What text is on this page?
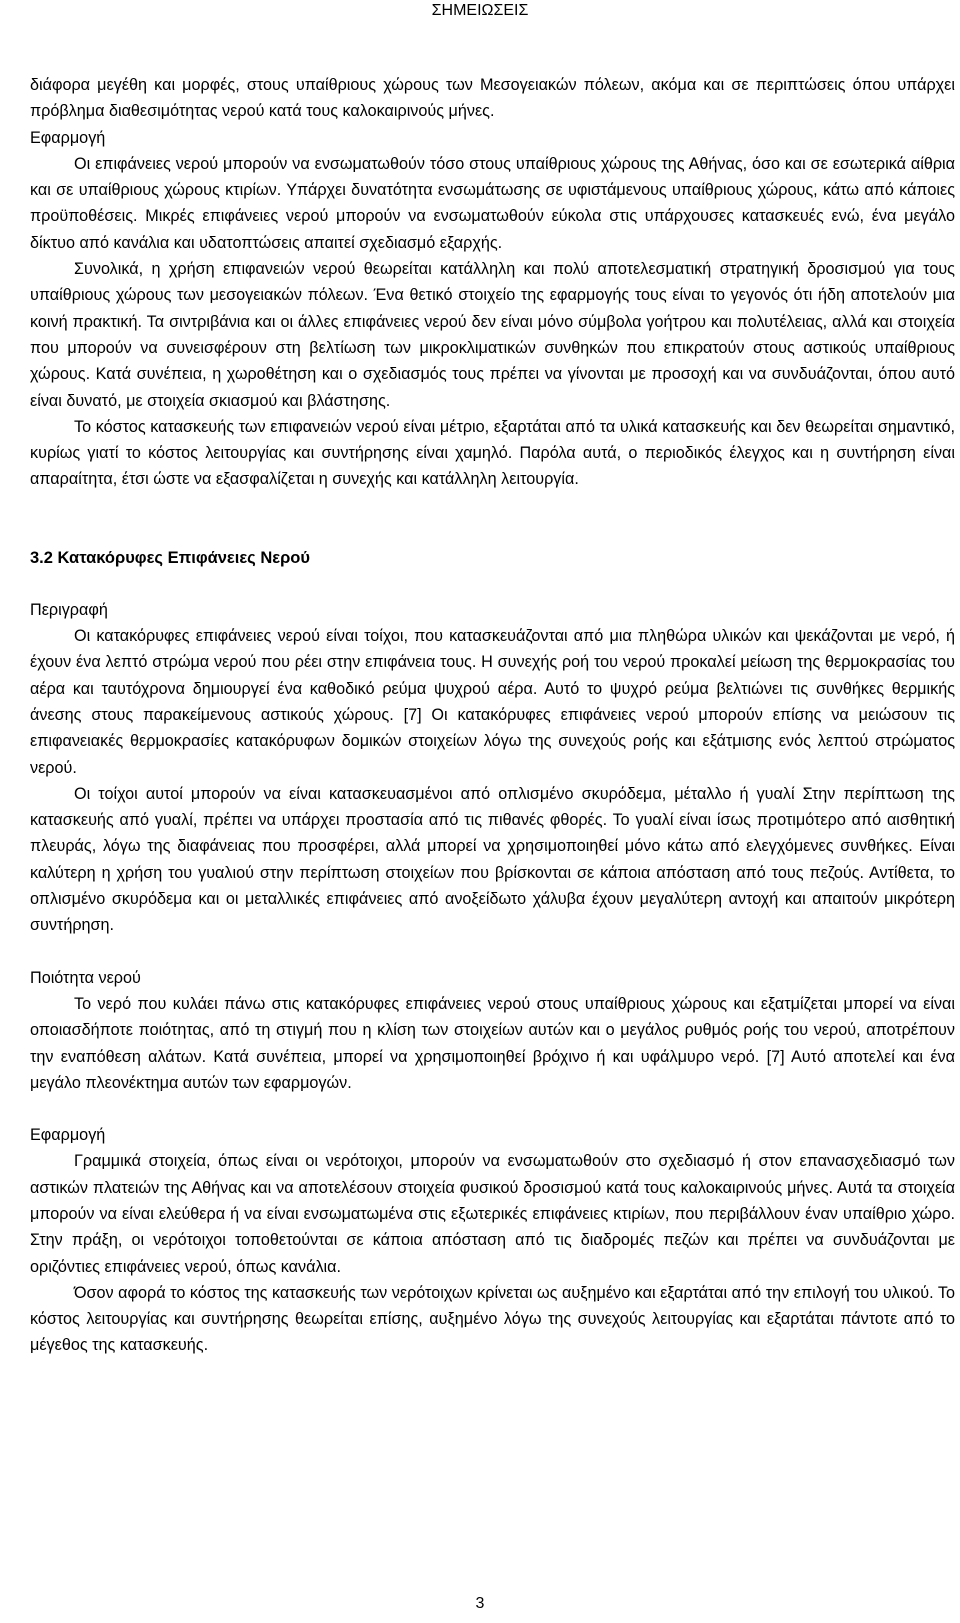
ΣΗΜΕΙΩΣΕΙΣ

διάφορα μεγέθη και μορφές, στους υπαίθριους χώρους των Μεσογειακών πόλεων, ακόμα και σε περιπτώσεις όπου υπάρχει πρόβλημα διαθεσιμότητας νερού κατά τους καλοκαιρινούς μήνες.

Εφαρμογή

Οι επιφάνειες νερού μπορούν να ενσωματωθούν τόσο στους υπαίθριους χώρους της Αθήνας, όσο και σε εσωτερικά αίθρια και σε υπαίθριους χώρους κτιρίων. Υπάρχει δυνατότητα ενσωμάτωσης σε υφιστάμενους υπαίθριους χώρους, κάτω από κάποιες προϋποθέσεις. Μικρές επιφάνειες νερού μπορούν να ενσωματωθούν εύκολα στις υπάρχουσες κατασκευές ενώ, ένα μεγάλο δίκτυο από κανάλια και υδατοπτώσεις απαιτεί σχεδιασμό εξαρχής.

Συνολικά, η χρήση επιφανειών νερού θεωρείται κατάλληλη και πολύ αποτελεσματική στρατηγική δροσισμού για τους υπαίθριους χώρους των μεσογειακών πόλεων. Ένα θετικό στοιχείο της εφαρμογής τους είναι το γεγονός ότι ήδη αποτελούν μια κοινή πρακτική. Τα σιντριβάνια και οι άλλες επιφάνειες νερού δεν είναι μόνο σύμβολα γοήτρου και πολυτέλειας, αλλά και στοιχεία που μπορούν να συνεισφέρουν στη βελτίωση των μικροκλιματικών συνθηκών που επικρατούν στους αστικούς υπαίθριους χώρους. Κατά συνέπεια, η χωροθέτηση και ο σχεδιασμός τους πρέπει να γίνονται με προσοχή και να συνδυάζονται, όπου αυτό είναι δυνατό, με στοιχεία σκιασμού και βλάστησης.

Το κόστος κατασκευής των επιφανειών νερού είναι μέτριο, εξαρτάται από τα υλικά κατασκευής και δεν θεωρείται σημαντικό, κυρίως γιατί το κόστος λειτουργίας και συντήρησης είναι χαμηλό. Παρόλα αυτά, ο περιοδικός έλεγχος και η συντήρηση είναι απαραίτητα, έτσι ώστε να εξασφαλίζεται η συνεχής και κατάλληλη λειτουργία.

3.2 Κατακόρυφες Επιφάνειες Νερού
Περιγραφή

Οι κατακόρυφες επιφάνειες νερού είναι τοίχοι, που κατασκευάζονται από μια πληθώρα υλικών και ψεκάζονται με νερό, ή έχουν ένα λεπτό στρώμα νερού που ρέει στην επιφάνεια τους. Η συνεχής ροή του νερού προκαλεί μείωση της θερμοκρασίας του αέρα και ταυτόχρονα δημιουργεί ένα καθοδικό ρεύμα ψυχρού αέρα. Αυτό το ψυχρό ρεύμα βελτιώνει τις συνθήκες θερμικής άνεσης στους παρακείμενους αστικούς χώρους. [7] Οι κατακόρυφες επιφάνειες νερού μπορούν επίσης να μειώσουν τις επιφανειακές θερμοκρασίες κατακόρυφων δομικών στοιχείων λόγω της συνεχούς ροής και εξάτμισης ενός λεπτού στρώματος νερού.

Οι τοίχοι αυτοί μπορούν να είναι κατασκευασμένοι από οπλισμένο σκυρόδεμα, μέταλλο ή γυαλί Στην περίπτωση της κατασκευής από γυαλί, πρέπει να υπάρχει προστασία από τις πιθανές φθορές. Το γυαλί είναι ίσως προτιμότερο από αισθητική πλευράς, λόγω της διαφάνειας που προσφέρει, αλλά μπορεί να χρησιμοποιηθεί μόνο κάτω από ελεγχόμενες συνθήκες. Είναι καλύτερη η χρήση του γυαλιού στην περίπτωση στοιχείων που βρίσκονται σε κάποια απόσταση από τους πεζούς. Αντίθετα, το οπλισμένο σκυρόδεμα και οι μεταλλικές επιφάνειες από ανοξείδωτο χάλυβα έχουν μεγαλύτερη αντοχή και απαιτούν μικρότερη συντήρηση.

Ποιότητα νερού

Το νερό που κυλάει πάνω στις κατακόρυφες επιφάνειες νερού στους υπαίθριους χώρους και εξατμίζεται μπορεί να είναι οποιασδήποτε ποιότητας, από τη στιγμή που η κλίση των στοιχείων αυτών και ο μεγάλος ρυθμός ροής του νερού, αποτρέπουν την εναπόθεση αλάτων. Κατά συνέπεια, μπορεί να χρησιμοποιηθεί βρόχινο ή και υφάλμυρο νερό. [7] Αυτό αποτελεί και ένα μεγάλο πλεονέκτημα αυτών των εφαρμογών.

Εφαρμογή

Γραμμικά στοιχεία, όπως είναι οι νερότοιχοι, μπορούν να ενσωματωθούν στο σχεδιασμό ή στον επανασχεδιασμό των αστικών πλατειών της Αθήνας και να αποτελέσουν στοιχεία φυσικού δροσισμού κατά τους καλοκαιρινούς μήνες. Αυτά τα στοιχεία μπορούν να είναι ελεύθερα ή να είναι ενσωματωμένα στις εξωτερικές επιφάνειες κτιρίων, που περιβάλλουν έναν υπαίθριο χώρο. Στην πράξη, οι νερότοιχοι τοποθετούνται σε κάποια απόσταση από τις διαδρομές πεζών και πρέπει να συνδυάζονται με οριζόντιες επιφάνειες νερού, όπως κανάλια.

Όσον αφορά το κόστος της κατασκευής των νερότοιχων κρίνεται ως αυξημένο και εξαρτάται από την επιλογή του υλικού. Το κόστος λειτουργίας και συντήρησης θεωρείται επίσης, αυξημένο λόγω της συνεχούς λειτουργίας και εξαρτάται πάντοτε από το μέγεθος της κατασκευής.

3
